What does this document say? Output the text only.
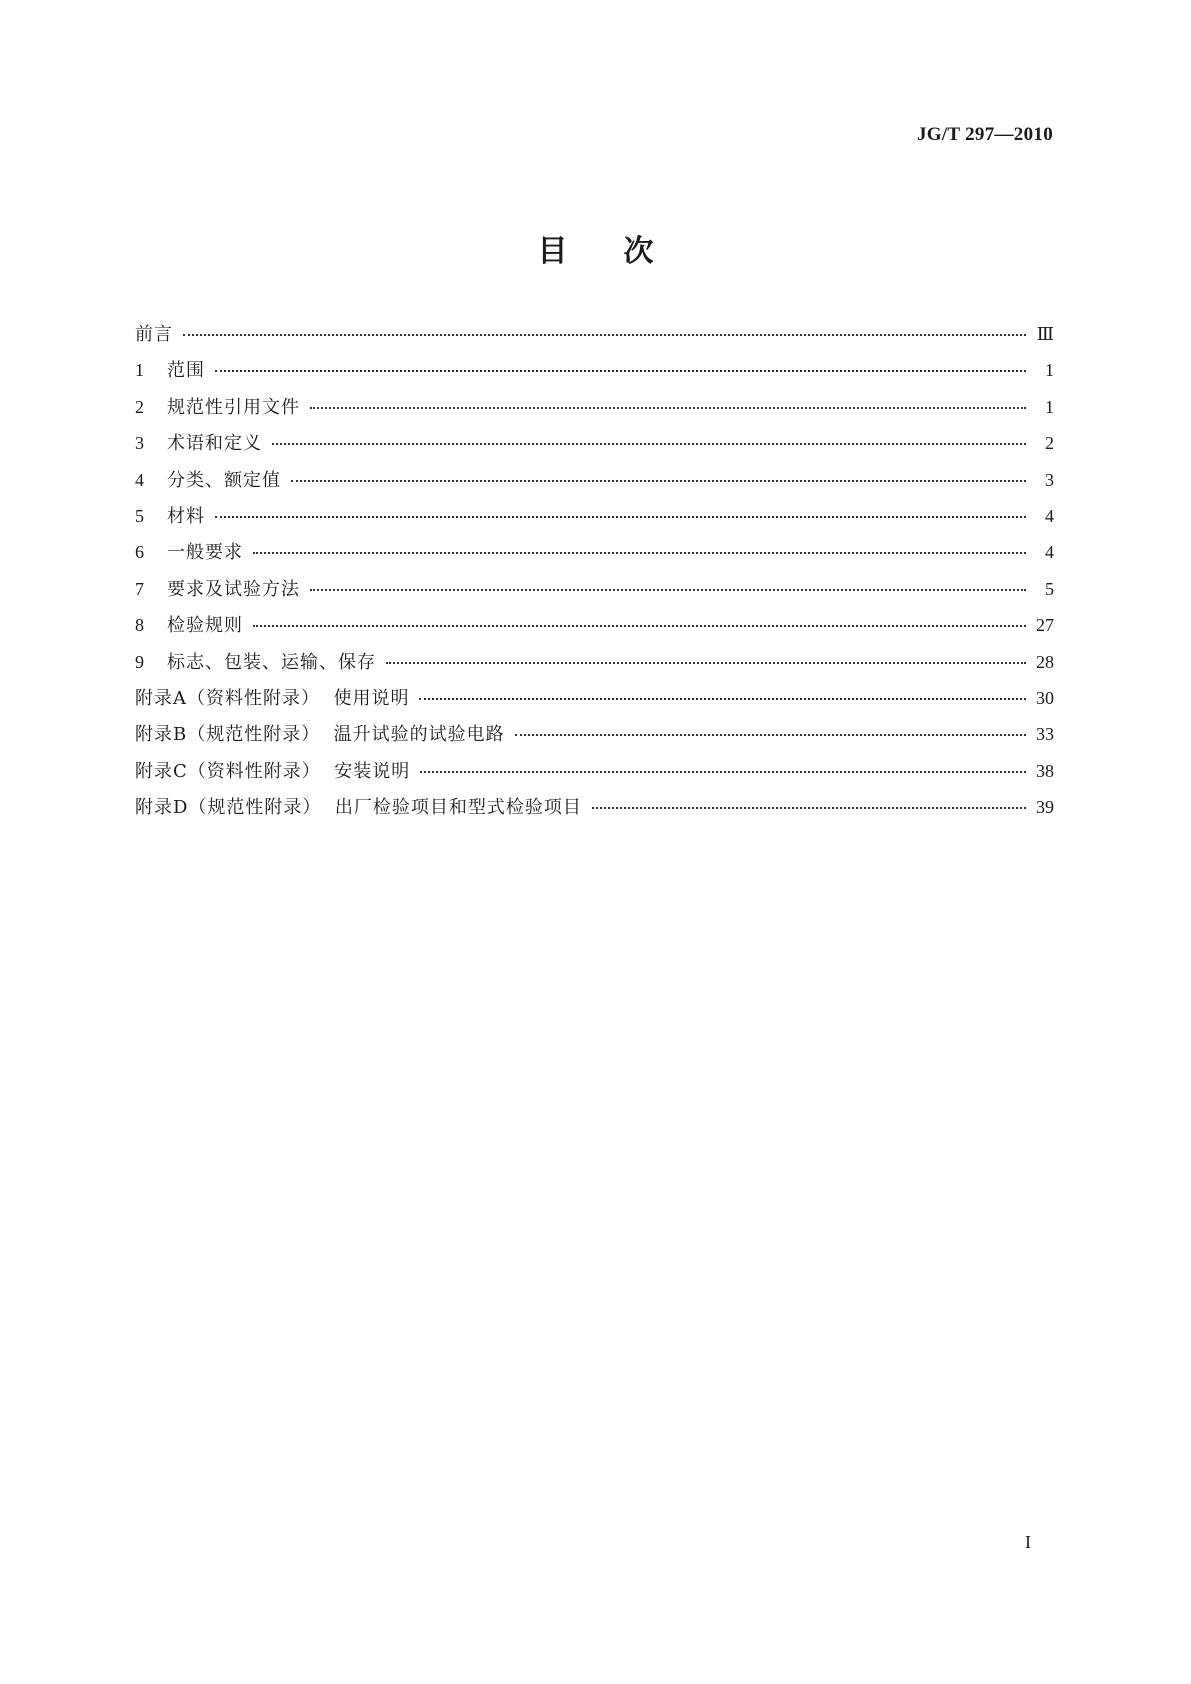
JG/T 297—2010
目次
前言	Ⅲ
1	范围	1
2	规范性引用文件	1
3	术语和定义	2
4	分类、额定值	3
5	材料	4
6	一般要求	4
7	要求及试验方法	5
8	检验规则	27
9	标志、包装、运输、保存	28
附录A（资料性附录）  使用说明	30
附录B（规范性附录）  温升试验的试验电路	33
附录C（资料性附录）  安装说明	38
附录D（规范性附录）  出厂检验项目和型式检验项目	39
I
